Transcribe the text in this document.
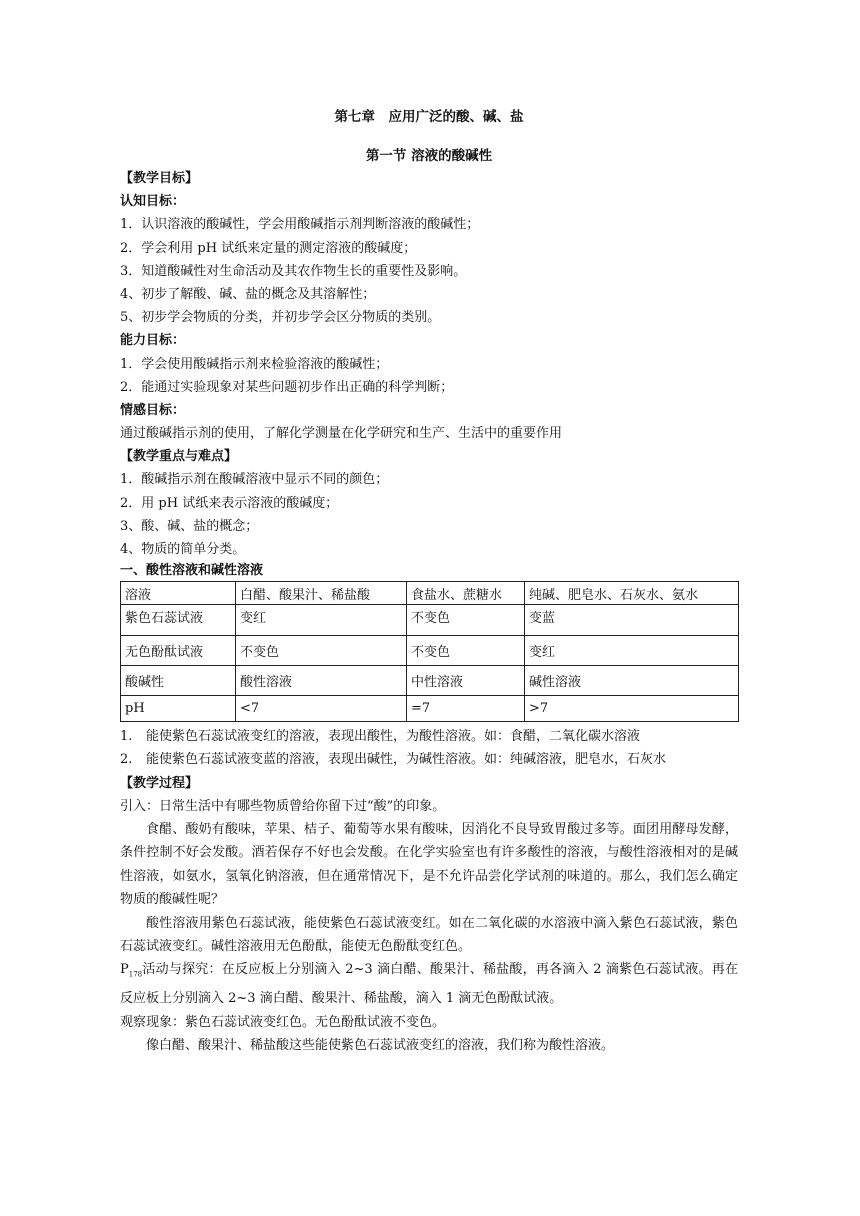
第七章　应用广泛的酸、碱、盐
第一节 溶液的酸碱性
【教学目标】
认知目标：
1．认识溶液的酸碱性，学会用酸碱指示剂判断溶液的酸碱性；
2．学会利用 pH 试纸来定量的测定溶液的酸碱度；
3．知道酸碱性对生命活动及其农作物生长的重要性及影响。
4、初步了解酸、碱、盐的概念及其溶解性；
5、初步学会物质的分类，并初步学会区分物质的类别。
能力目标：
1．学会使用酸碱指示剂来检验溶液的酸碱性；
2．能通过实验现象对某些问题初步作出正确的科学判断；
情感目标：
通过酸碱指示剂的使用，了解化学测量在化学研究和生产、生活中的重要作用
【教学重点与难点】
1．酸碱指示剂在酸碱溶液中显示不同的颜色；
2．用 pH 试纸来表示溶液的酸碱度；
3、酸、碱、盐的概念；
4、物质的简单分类。
一、酸性溶液和碱性溶液
溶液	白醋、酸果汁、稀盐酸	食盐水、蔗糖水	纯碱、肥皂水、石灰水、氨水
紫色石蕊试液	变红	不变色	变蓝
无色酚酞试液	不变色	不变色	变红
酸碱性	酸性溶液	中性溶液	碱性溶液
pH	<7	=7	>7
1. 能使紫色石蕊试液变红的溶液，表现出酸性，为酸性溶液。如：食醋，二氧化碳水溶液
2.	能使紫色石蕊试液变蓝的溶液，表现出碱性，为碱性溶液。如：纯碱溶液，肥皂水，石灰水
【教学过程】
引入：日常生活中有哪些物质曾给你留下过“酸”的印象。
食醋、酸奶有酸味，苹果、桔子、葡萄等水果有酸味，因消化不良导致胃酸过多等。面团用酵母发酵，条件控制不好会发酸。酒若保存不好也会发酸。在化学实验室也有许多酸性的溶液，与酸性溶液相对的是碱性溶液，如氨水，氢氧化钠溶液，但在通常情况下，是不允许品尝化学试剂的味道的。那么，我们怎么确定物质的酸碱性呢？
酸性溶液用紫色石蕊试液，能使紫色石蕊试液变红。如在二氧化碳的水溶液中滴入紫色石蕊试液，紫色石蕊试液变红。碱性溶液用无色酚酞，能使无色酚酞变红色。
$P_{178}$活动与探究：在反应板上分别滴入 2~3 滴白醋、酸果汁、稀盐酸，再各滴入 2 滴紫色石蕊试液。再在反应板上分别滴入 2~3 滴白醋、酸果汁、稀盐酸，滴入 1 滴无色酚酞试液。
观察现象：紫色石蕊试液变红色。无色酚酞试液不变色。
像白醋、酸果汁、稀盐酸这些能使紫色石蕊试液变红的溶液，我们称为酸性溶液。
